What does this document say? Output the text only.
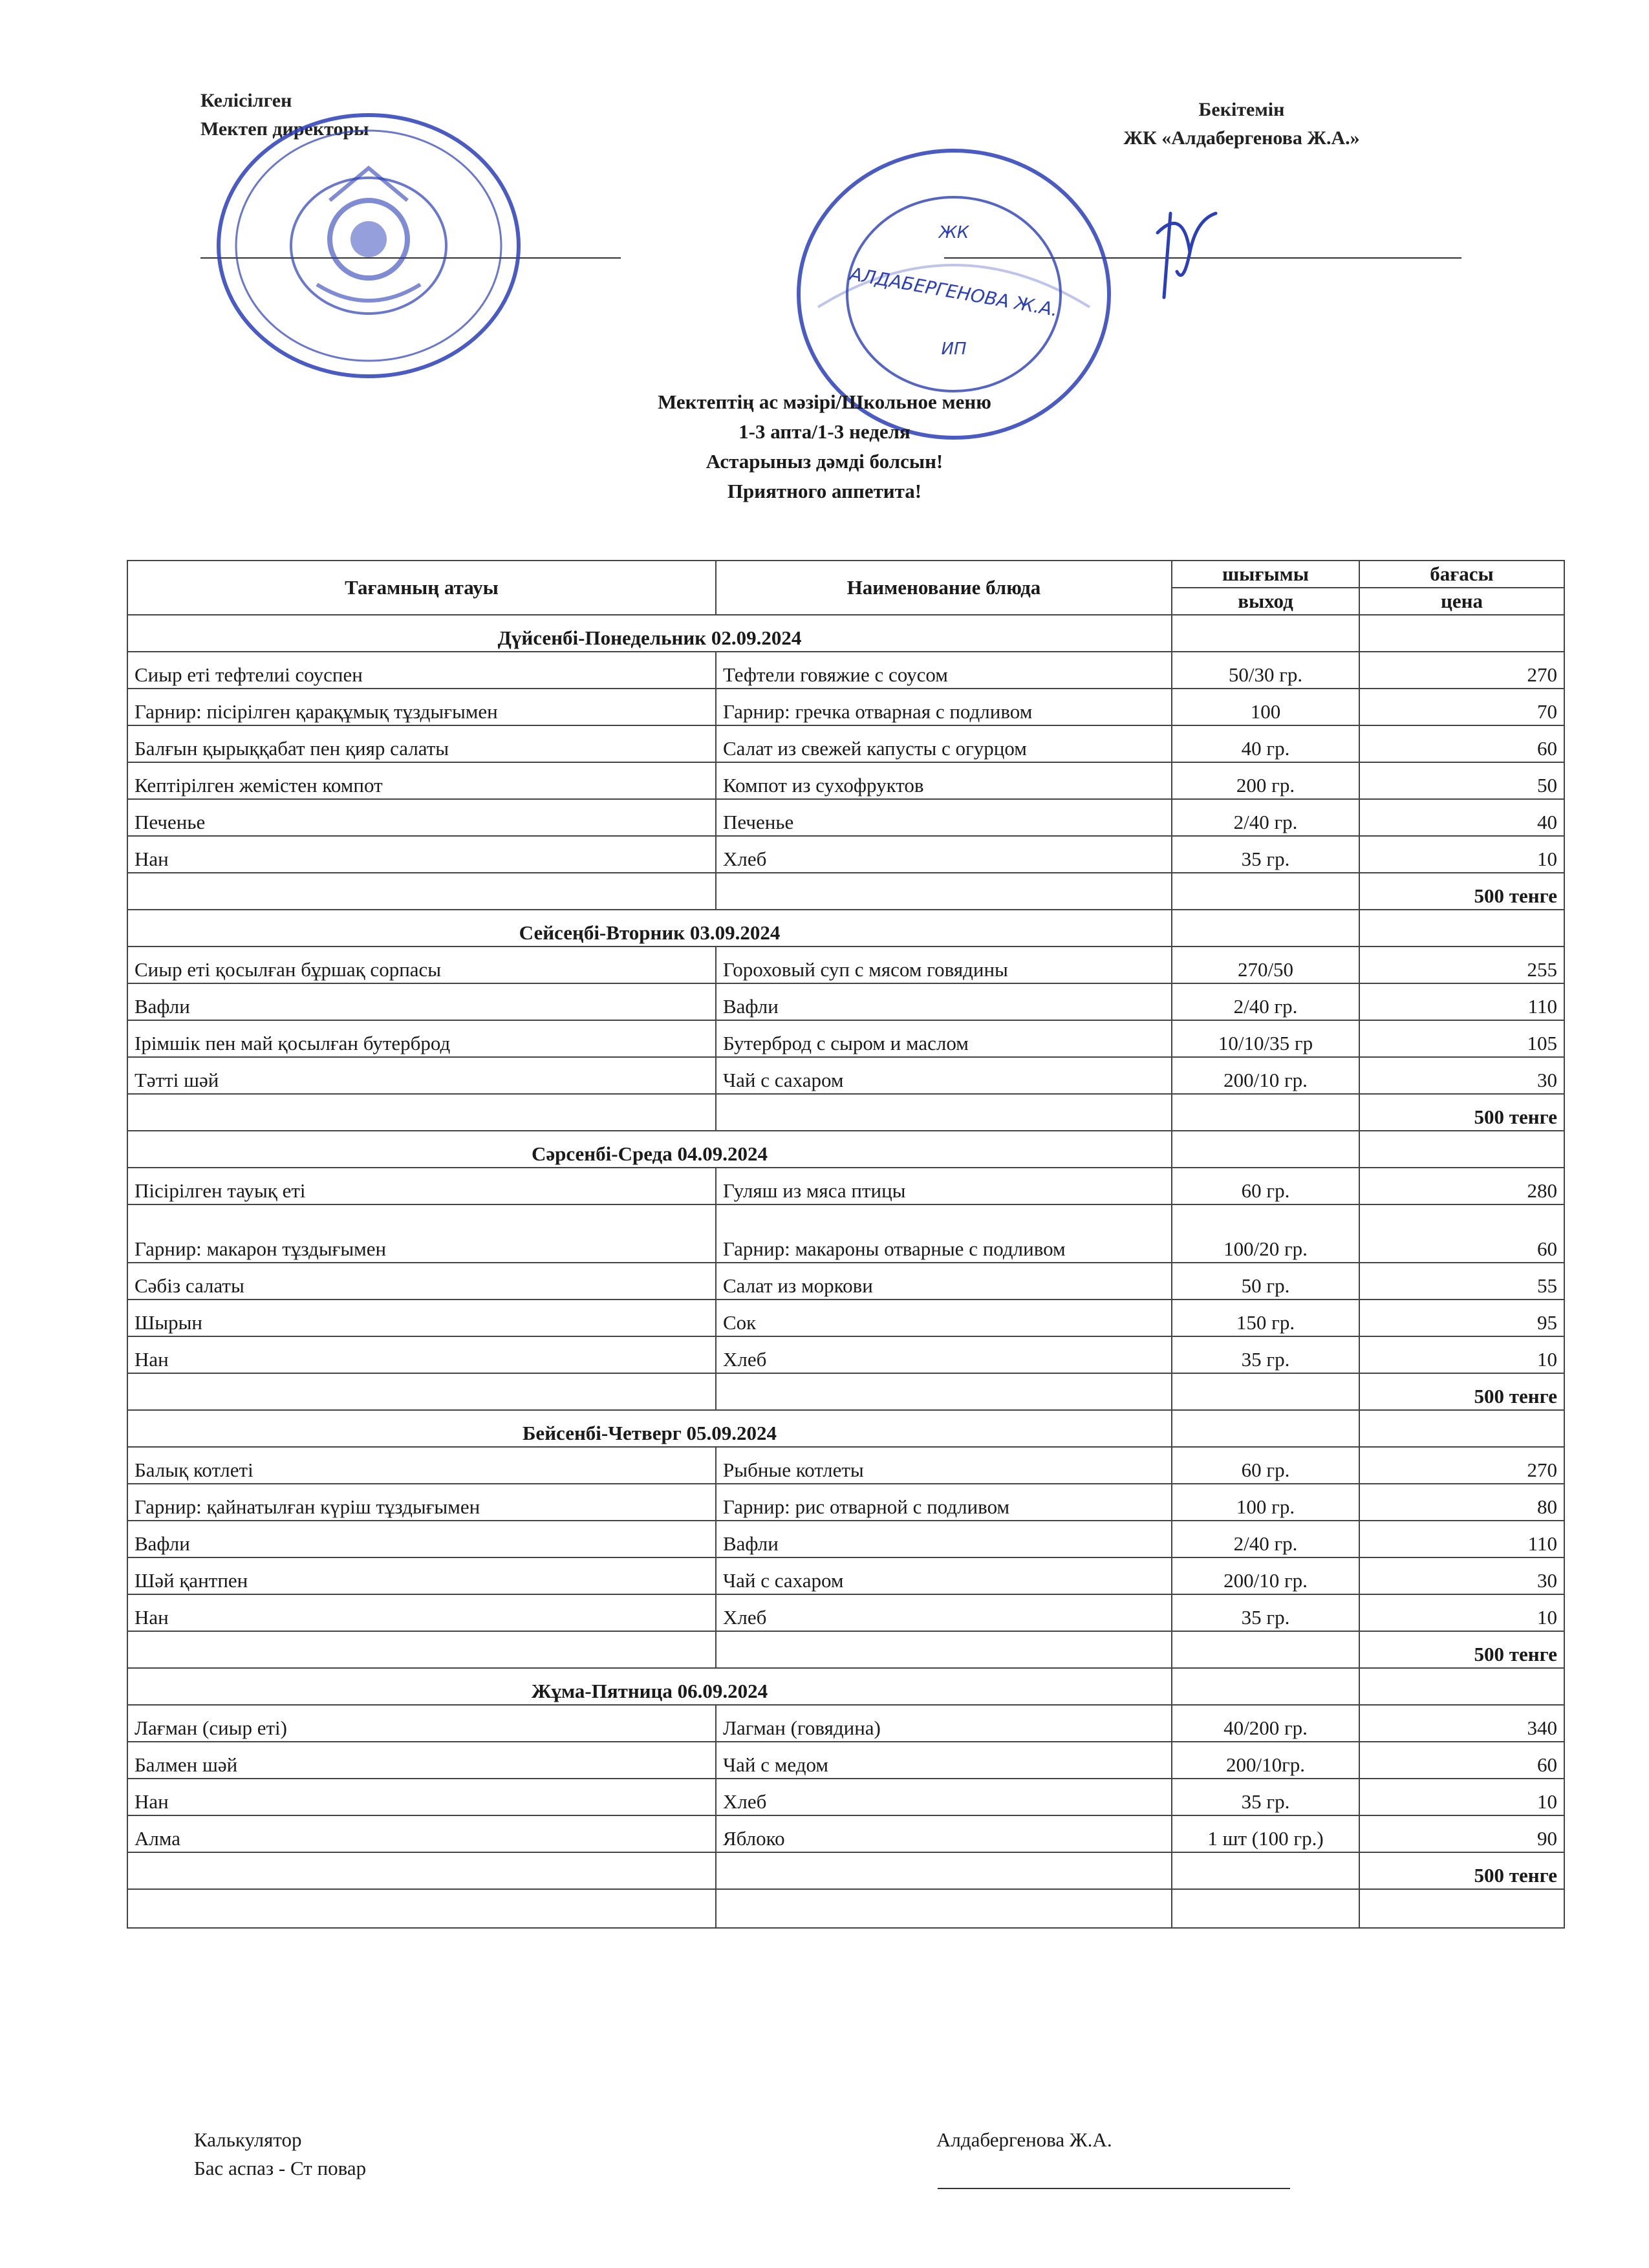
Келісілген
Мектеп директоры
Бекітемін
ЖК «Алдабергенова Ж.А.»
ЖК
АЛДАБЕРГЕНОВА Ж.А.
ИП
Мектептің ас мәзірі/Школьное меню
1-3 апта/1-3 неделя
Астарыныз дәмді болсын!
Приятного аппетита!
Тағамның атауы	Наименование блюда	шығымы	бағасы
		выход	цена
Дүйсенбі-Понедельник 02.09.2024			
Сиыр еті тефтелиі соуспен	Тефтели говяжие с соусом	50/30 гр.	270
Гарнир: пісірілген қарақұмық тұздығымен	Гарнир: гречка отварная с подливом	100	70
Балғын қырыққабат пен қияр салаты	Салат из свежей капусты с огурцом	40 гр.	60
Кептірілген жемістен компот	Компот из сухофруктов	200 гр.	50
Печенье	Печенье	2/40 гр.	40
Нан	Хлеб	35 гр.	10
			500 тенге
Сейсеңбі-Вторник 03.09.2024			
Сиыр еті қосылған бұршақ сорпасы	Гороховый суп с мясом говядины	270/50	255
Вафли	Вафли	2/40 гр.	110
Ірімшік пен май қосылған бутерброд	Бутерброд с сыром и маслом	10/10/35 гр	105
Тәтті шәй	Чай с сахаром	200/10 гр.	30
			500 тенге
Сәрсенбі-Среда 04.09.2024			
Пісірілген тауық еті	Гуляш из мяса птицы	60 гр.	280
Гарнир: макарон тұздығымен	Гарнир: макароны отварные с подливом	100/20 гр.	60
Сәбіз салаты	Салат из моркови	50 гр.	55
Шырын	Сок	150 гр.	95
Нан	Хлеб	35 гр.	10
			500 тенге
Бейсенбі-Четверг 05.09.2024			
Балық котлеті	Рыбные котлеты	60 гр.	270
Гарнир: қайнатылған күріш тұздығымен	Гарнир: рис отварной с подливом	100 гр.	80
Вафли	Вафли	2/40 гр.	110
Шәй қантпен	Чай с сахаром	200/10 гр.	30
Нан	Хлеб	35 гр.	10
			500 тенге
Жұма-Пятница 06.09.2024			
Лағман (сиыр еті)	Лагман (говядина)	40/200 гр.	340
Балмен шәй	Чай с медом	200/10гр.	60
Нан	Хлеб	35 гр.	10
Алма	Яблоко	1 шт (100 гр.)	90
			500 тенге

Калькулятор
Бас аспаз - Ст повар
Алдабергенова Ж.А.
